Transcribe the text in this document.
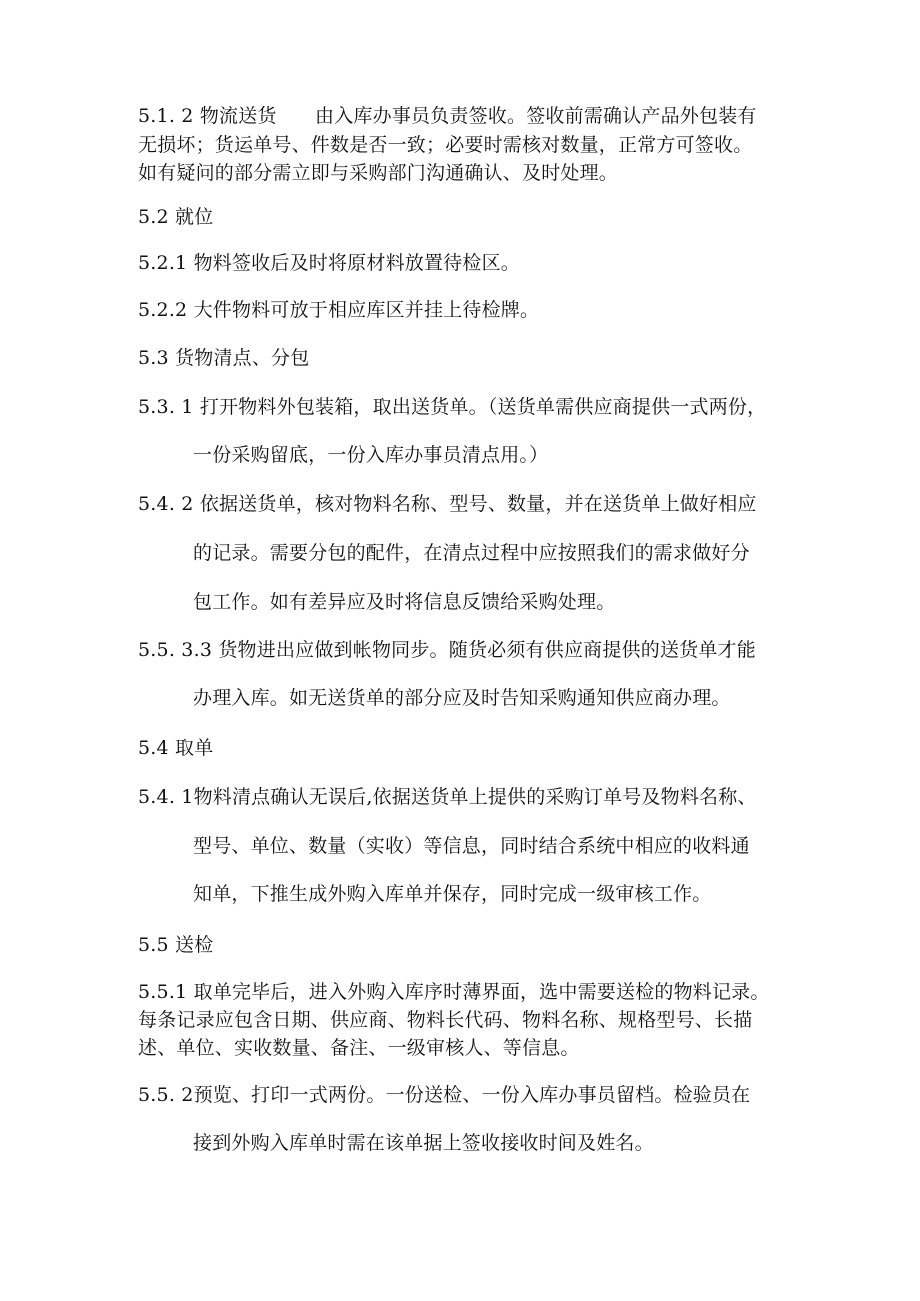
5.1. 2 物流送货　　由入库办事员负责签收。签收前需确认产品外包装有
无损坏；货运单号、件数是否一致；必要时需核对数量，正常方可签收。
如有疑问的部分需立即与采购部门沟通确认、及时处理。
5.2 就位
5.2.1 物料签收后及时将原材料放置待检区。
5.2.2 大件物料可放于相应库区并挂上待检牌。
5.3 货物清点、分包
5.3. 1 打开物料外包装箱，取出送货单。（送货单需供应商提供一式两份，
一份采购留底，一份入库办事员清点用。）
5.4. 2 依据送货单，核对物料名称、型号、数量，并在送货单上做好相应
的记录。需要分包的配件，在清点过程中应按照我们的需求做好分
包工作。如有差异应及时将信息反馈给采购处理。
5.5. 3.3 货物进出应做到帐物同步。随货必须有供应商提供的送货单才能
办理入库。如无送货单的部分应及时告知采购通知供应商办理。
5.4 取单
5.4. 1物料清点确认无误后,依据送货单上提供的采购订单号及物料名称、
型号、单位、数量（实收）等信息，同时结合系统中相应的收料通
知单，下推生成外购入库单并保存，同时完成一级审核工作。
5.5 送检
5.5.1 取单完毕后，进入外购入库序时薄界面，选中需要送检的物料记录。
每条记录应包含日期、供应商、物料长代码、物料名称、规格型号、长描
述、单位、实收数量、备注、一级审核人、等信息。
5.5. 2预览、打印一式两份。一份送检、一份入库办事员留档。检验员在
接到外购入库单时需在该单据上签收接收时间及姓名。
